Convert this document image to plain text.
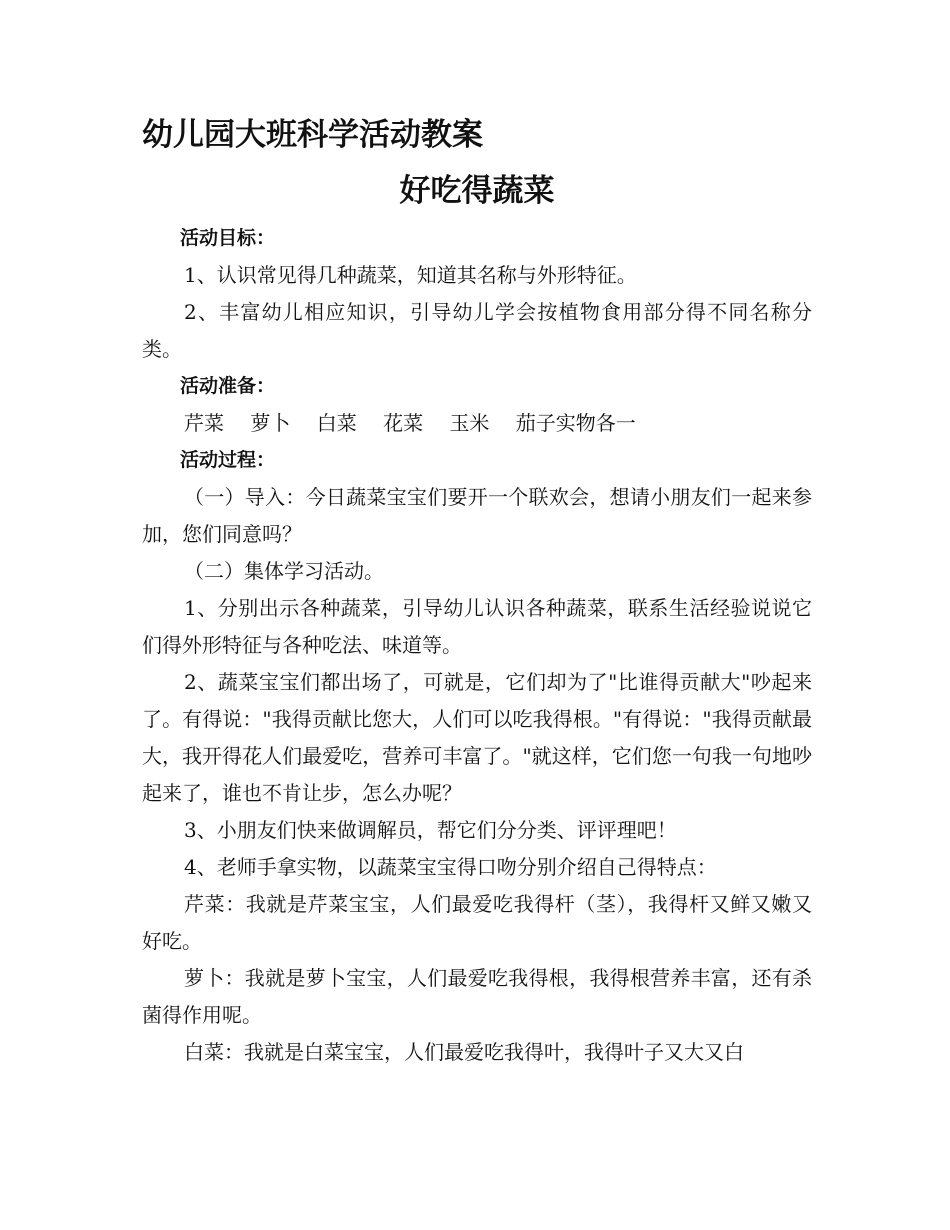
幼儿园大班科学活动教案
好吃得蔬菜

活动目标：

1、认识常见得几种蔬菜，知道其名称与外形特征。

2、丰富幼儿相应知识，引导幼儿学会按植物食用部分得不同名称分类。

活动准备：

芹菜 萝卜 白菜 花菜 玉米 茄子实物各一

活动过程：

（一）导入：今日蔬菜宝宝们要开一个联欢会，想请小朋友们一起来参加，您们同意吗？

（二）集体学习活动。

1、分别出示各种蔬菜，引导幼儿认识各种蔬菜，联系生活经验说说它们得外形特征与各种吃法、味道等。

2、蔬菜宝宝们都出场了，可就是，它们却为了"比谁得贡献大"吵起来了。有得说："我得贡献比您大，人们可以吃我得根。"有得说："我得贡献最大，我开得花人们最爱吃，营养可丰富了。"就这样，它们您一句我一句地吵起来了，谁也不肯让步，怎么办呢？

3、小朋友们快来做调解员，帮它们分分类、评评理吧！

4、老师手拿实物，以蔬菜宝宝得口吻分别介绍自己得特点：

芹菜：我就是芹菜宝宝，人们最爱吃我得杆（茎），我得杆又鲜又嫩又好吃。

萝卜：我就是萝卜宝宝，人们最爱吃我得根，我得根营养丰富，还有杀菌得作用呢。

白菜：我就是白菜宝宝，人们最爱吃我得叶，我得叶子又大又白
